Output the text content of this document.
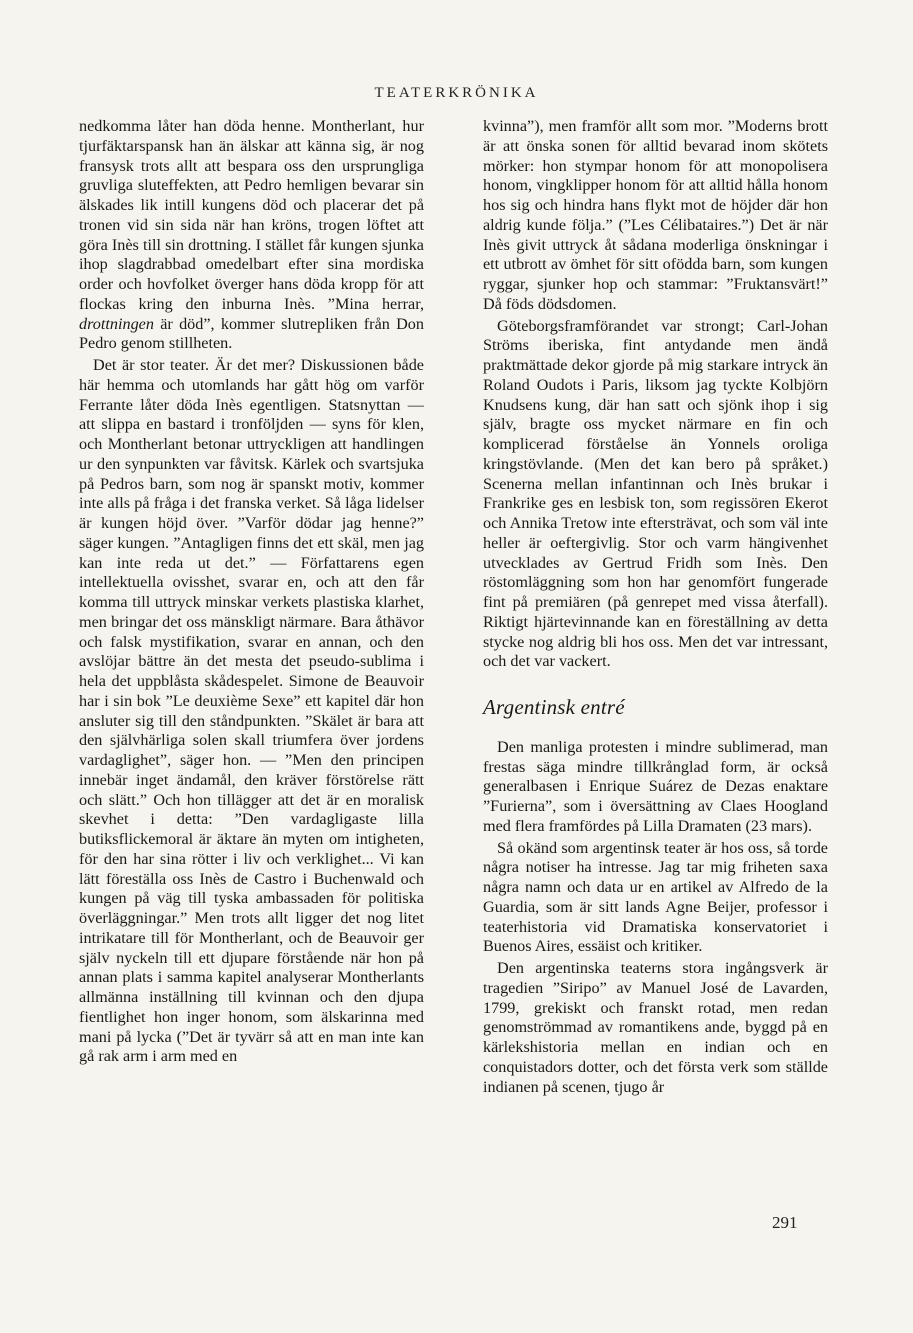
TEATERKRÖNIKA

nedkomma låter han döda henne. Montherlant, hur tjurfäktarspansk han än älskar att känna sig, är nog fransysk trots allt att bespara oss den ursprungliga gruvliga sluteffekten, att Pedro hemligen bevarar sin älskades lik intill kungens död och placerar det på tronen vid sin sida när han kröns, trogen löftet att göra Inès till sin drottning. I stället får kungen sjunka ihop slagdrabbad omedelbart efter sina mordiska order och hovfolket överger hans döda kropp för att flockas kring den inburna Inès. ”Mina herrar, drottningen är död”, kommer slutrepliken från Don Pedro genom stillheten.

Det är stor teater. Är det mer? Diskussionen både här hemma och utomlands har gått hög om varför Ferrante låter döda Inès egentligen. Statsnyttan — att slippa en bastard i tronföljden — syns för klen, och Montherlant betonar uttryckligen att handlingen ur den synpunkten var fåvitsk. Kärlek och svartsjuka på Pedros barn, som nog är spanskt motiv, kommer inte alls på fråga i det franska verket. Så låga lidelser är kungen höjd över. ”Varför dödar jag henne?” säger kungen. ”Antagligen finns det ett skäl, men jag kan inte reda ut det.” — Författarens egen intellektuella ovisshet, svarar en, och att den får komma till uttryck minskar verkets plastiska klarhet, men bringar det oss mänskligt närmare. Bara åthävor och falsk mystifikation, svarar en annan, och den avslöjar bättre än det mesta det pseudo-sublima i hela det uppblåsta skådespelet. Simone de Beauvoir har i sin bok ”Le deuxième Sexe” ett kapitel där hon ansluter sig till den ståndpunkten. ”Skälet är bara att den självhärliga solen skall triumfera över jordens vardaglighet”, säger hon. — ”Men den principen innebär inget ändamål, den kräver förstörelse rätt och slätt.” Och hon tillägger att det är en moralisk skevhet i detta: ”Den vardagligaste lilla butiksflickemoral är äktare än myten om intigheten, för den har sina rötter i liv och verklighet... Vi kan lätt föreställa oss Inès de Castro i Buchenwald och kungen på väg till tyska ambassaden för politiska överläggningar.” Men trots allt ligger det nog litet intrikatare till för Montherlant, och de Beauvoir ger själv nyckeln till ett djupare förstående när hon på annan plats i samma kapitel analyserar Montherlants allmänna inställning till kvinnan och den djupa fientlighet hon inger honom, som älskarinna med mani på lycka (”Det är tyvärr så att en man inte kan gå rak arm i arm med en

kvinna”), men framför allt som mor. ”Moderns brott är att önska sonen för alltid bevarad inom skötets mörker: hon stympar honom för att monopolisera honom, vingklipper honom för att alltid hålla honom hos sig och hindra hans flykt mot de höjder där hon aldrig kunde följa.” (”Les Célibataires.”) Det är när Inès givit uttryck åt sådana moderliga önskningar i ett utbrott av ömhet för sitt ofödda barn, som kungen ryggar, sjunker hop och stammar: ”Fruktansvärt!” Då föds dödsdomen.

Göteborgsframförandet var strongt; Carl-Johan Ströms iberiska, fint antydande men ändå praktmättade dekor gjorde på mig starkare intryck än Roland Oudots i Paris, liksom jag tyckte Kolbjörn Knudsens kung, där han satt och sjönk ihop i sig själv, bragte oss mycket närmare en fin och komplicerad förståelse än Yonnels oroliga kringstövlande. (Men det kan bero på språket.) Scenerna mellan infantinnan och Inès brukar i Frankrike ges en lesbisk ton, som regissören Ekerot och Annika Tretow inte eftersträvat, och som väl inte heller är oeftergivlig. Stor och varm hängivenhet utvecklades av Gertrud Fridh som Inès. Den röstomläggning som hon har genomfört fungerade fint på premiären (på genrepet med vissa återfall). Riktigt hjärtevinnande kan en föreställning av detta stycke nog aldrig bli hos oss. Men det var intressant, och det var vackert.

Argentinsk entré

Den manliga protesten i mindre sublimerad, man frestas säga mindre tillkrånglad form, är också generalbasen i Enrique Suárez de Dezas enaktare ”Furierna”, som i översättning av Claes Hoogland med flera framfördes på Lilla Dramaten (23 mars).

Så okänd som argentinsk teater är hos oss, så torde några notiser ha intresse. Jag tar mig friheten saxa några namn och data ur en artikel av Alfredo de la Guardia, som är sitt lands Agne Beijer, professor i teaterhistoria vid Dramatiska konservatoriet i Buenos Aires, essäist och kritiker.

Den argentinska teaterns stora ingångsverk är tragedien ”Siripo” av Manuel José de Lavarden, 1799, grekiskt och franskt rotad, men redan genomströmmad av romantikens ande, byggd på en kärlekshistoria mellan en indian och en conquistadors dotter, och det första verk som ställde indianen på scenen, tjugo år

291
